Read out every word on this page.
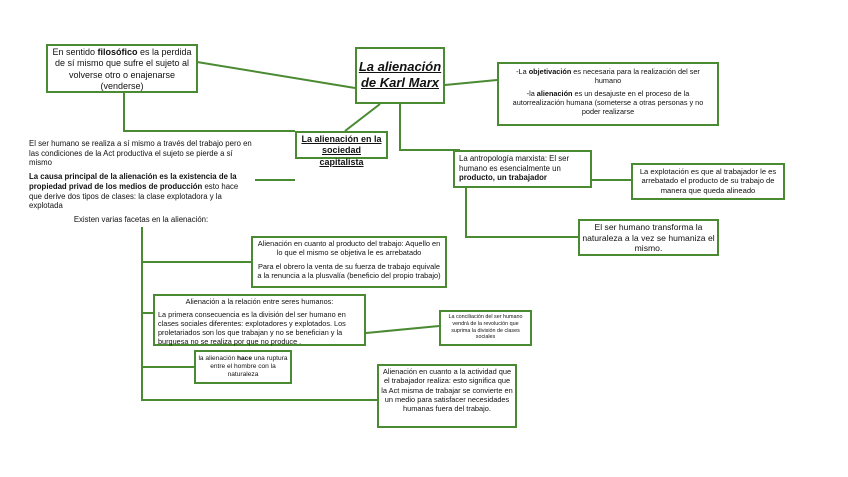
La alienación
de Karl Marx
En sentido filosófico es la perdida de sí mismo que sufre el sujeto al volverse otro o enajenarse (venderse)
-La objetivación es necesaria para la realización del ser humano
-la alienación es un desajuste en el proceso de la autorrealización humana (someterse a otras personas y no poder realizarse
La alienación en la sociedad capitalista
El ser humano se realiza a sí mismo a través del trabajo pero en las condiciones de la Act productiva el sujeto se pierde a sí mismo
La causa principal de la alienación es la existencia de la propiedad privad de los medios de producción esto hace que derive dos tipos de clases: la clase explotadora y la explotada
Existen varias facetas en la alienación:
La antropología marxista: El ser humano es esencialmente un producto, un trabajador
La explotación es que al trabajador le es arrebatado el producto de su trabajo de manera que queda alineado
El ser humano transforma la naturaleza a la vez se humaniza el mismo.
Alienación en cuanto al producto del trabajo: Aquello en lo que el mismo se objetiva le es arrebatado
Para el obrero la venta de su fuerza de trabajo equivale a la renuncia a la plusvalía (beneficio del propio trabajo)
Alienación a la relación entre seres humanos:
La primera consecuencia es la división del ser humano en clases sociales diferentes: explotadores y explotados. Los proletariados son los que trabajan y no se benefician y la burguesa no se realiza por que no produce .
La conciliación del ser humano vendrá de la revolución que suprima la división de clases sociales
la alienación hace una ruptura entre el hombre con la naturaleza	Alienación en cuanto a la actividad que el trabajador realiza: esto significa que la Act misma de trabajar se convierte en un medio para satisfacer necesidades humanas fuera del trabajo.
